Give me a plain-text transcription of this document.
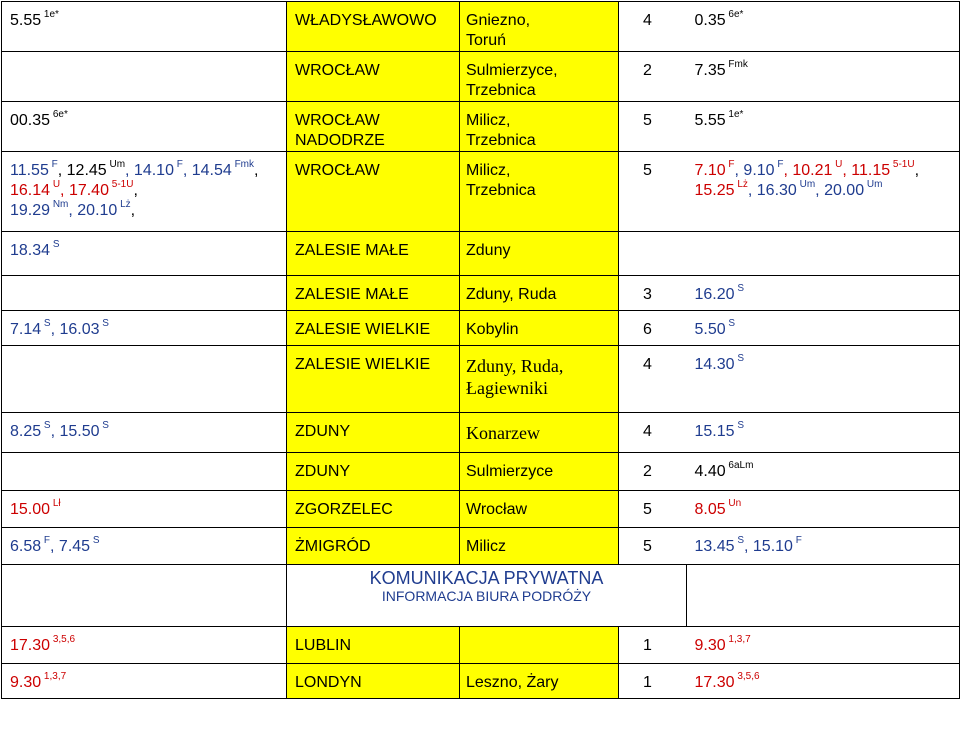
5.55 $^{1e*}$	WŁADYSŁAWOWO	Gniezno,
Toruń	4	0.35 $^{6e*}$

	WROCŁAW	Sulmierzyce,
Trzebnica	2	7.35 $^{Fmk}$

00.35 $^{6e*}$	WROCŁAW NADODRZE	Milicz,
Trzebnica	5	5.55 $^{1e*}$

11.55 $^F$, 12.45 $^{Um}$, 14.10 $^F$, 14.54 $^{Fmk}$,
16.14 $^U$, 17.40 $^{5-1U}$,
19.29 $^{Nm}$, 20.10 $^{Lż}$,	WROCŁAW	Milicz,
Trzebnica	5	7.10 $^F$, 9.10 $^F$, 10.21 $^U$, 11.15 $^{5-1U}$,
15.25 $^{Lż}$, 16.30 $^{Um}$, 20.00 $^{Um}$

18.34 $^S$	ZALESIE MAŁE	Zduny		

	ZALESIE MAŁE	Zduny, Ruda	3	16.20 $^S$

7.14 $^S$, 16.03 $^S$	ZALESIE WIELKIE	Kobylin	6	5.50 $^S$

	ZALESIE WIELKIE	Zduny, Ruda,
Łagiewniki	4	14.30 $^S$

8.25 $^S$, 15.50 $^S$	ZDUNY	Konarzew	4	15.15 $^S$

	ZDUNY	Sulmierzyce	2	4.40 $^{6aLm}$

15.00 $^{Lł}$	ZGORZELEC	Wrocław	5	8.05 $^{Un}$

6.58 $^F$, 7.45 $^S$	ŻMIGRÓD	Milicz	5	13.45 $^S$, 15.10 $^F$

	KOMUNIKACJA PRYWATNA
INFORMACJA BIURA PODRÓŻY			

17.30 $^{3,5,6}$	LUBLIN		1	9.30 $^{1,3,7}$

9.30 $^{1,3,7}$	LONDYN	Leszno, Żary	1	17.30 $^{3,5,6}$
